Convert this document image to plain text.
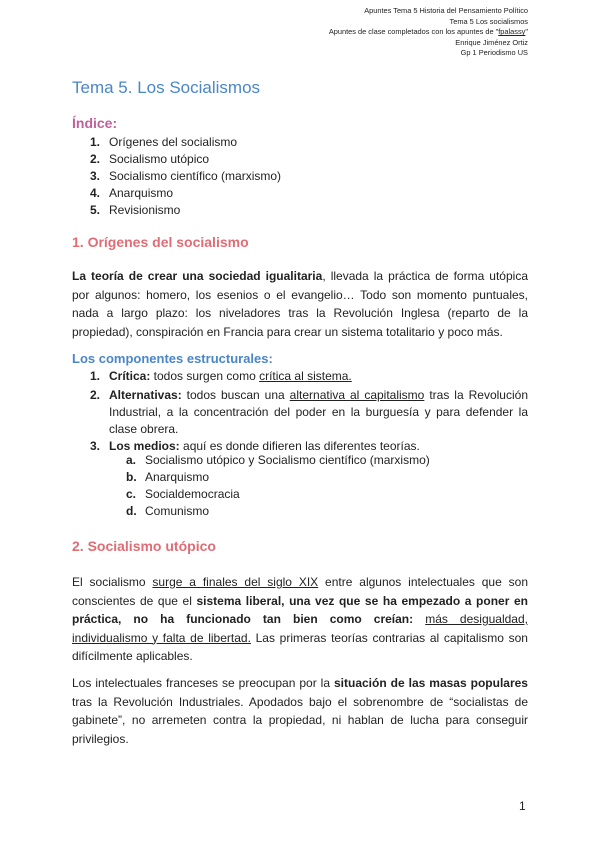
Apuntes Tema 5 Historia del Pensamiento Político
Tema 5 Los socialismos
Apuntes de clase completados con los apuntes de "fpalassy"
Enrique Jiménez Ortiz
Gp 1 Periodismo US
Tema 5. Los Socialismos
Índice:
1. Orígenes del socialismo
2. Socialismo utópico
3. Socialismo científico (marxismo)
4. Anarquismo
5. Revisionismo
1. Orígenes del socialismo
La teoría de crear una sociedad igualitaria, llevada la práctica de forma utópica por algunos: homero, los esenios o el evangelio… Todo son momento puntuales, nada a largo plazo: los niveladores tras la Revolución Inglesa (reparto de la propiedad), conspiración en Francia para crear un sistema totalitario y poco más.
Los componentes estructurales:
1. Crítica: todos surgen como crítica al sistema.
2. Alternativas: todos buscan una alternativa al capitalismo tras la Revolución Industrial, a la concentración del poder en la burguesía y para defender la clase obrera.
3. Los medios: aquí es donde difieren las diferentes teorías.
a. Socialismo utópico y Socialismo científico (marxismo)
b. Anarquismo
c. Socialdemocracia
d. Comunismo
2. Socialismo utópico
El socialismo surge a finales del siglo XIX entre algunos intelectuales que son conscientes de que el sistema liberal, una vez que se ha empezado a poner en práctica, no ha funcionado tan bien como creían: más desigualdad, individualismo y falta de libertad. Las primeras teorías contrarias al capitalismo son difícilmente aplicables.
Los intelectuales franceses se preocupan por la situación de las masas populares tras la Revolución Industriales. Apodados bajo el sobrenombre de “socialistas de gabinete”, no arremeten contra la propiedad, ni hablan de lucha para conseguir privilegios.
1
